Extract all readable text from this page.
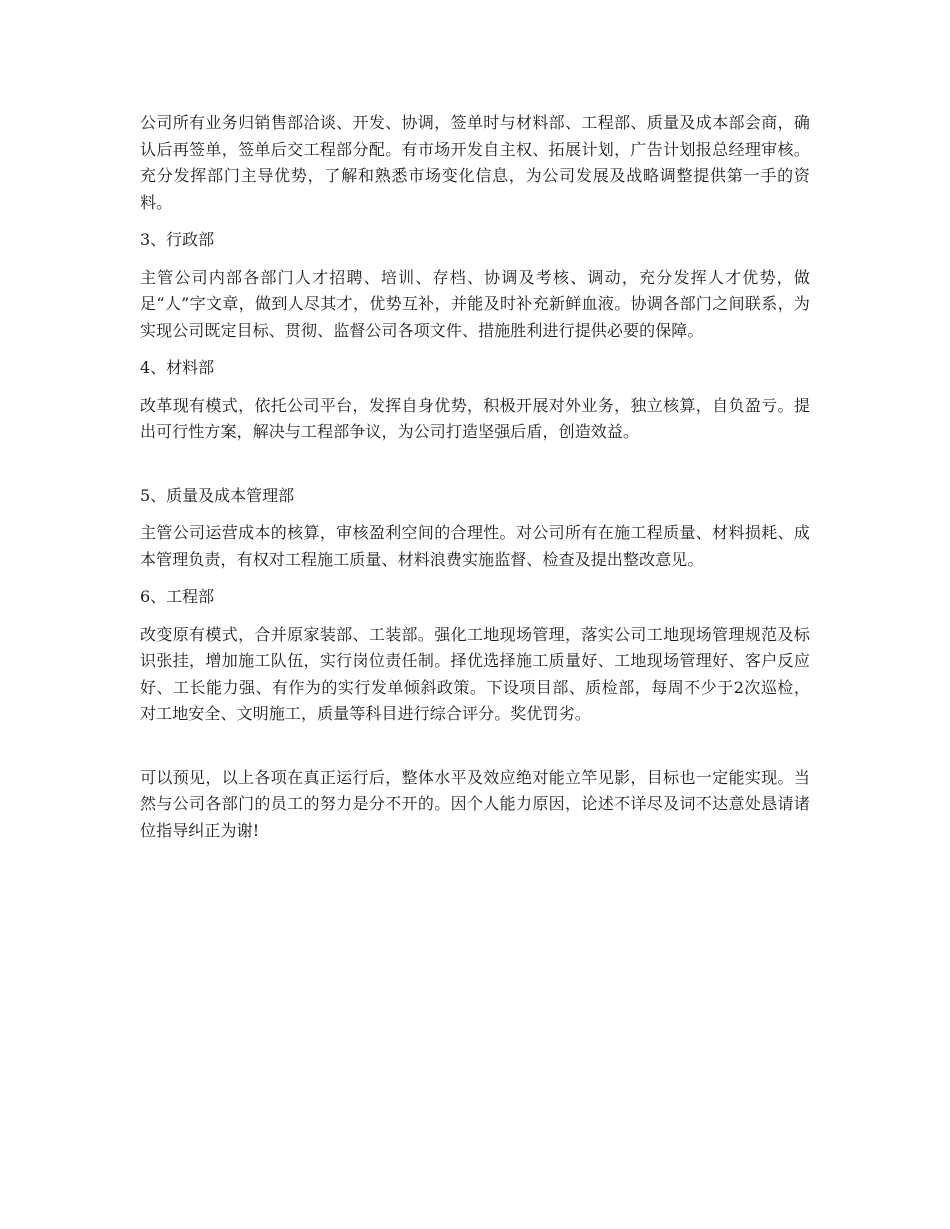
公司所有业务归销售部洽谈、开发、协调，签单时与材料部、工程部、质量及成本部会商，确认后再签单，签单后交工程部分配。有市场开发自主权、拓展计划，广告计划报总经理审核。充分发挥部门主导优势，了解和熟悉市场变化信息，为公司发展及战略调整提供第一手的资料。

3、行政部

主管公司内部各部门人才招聘、培训、存档、协调及考核、调动，充分发挥人才优势，做足“人”字文章，做到人尽其才，优势互补，并能及时补充新鲜血液。协调各部门之间联系，为实现公司既定目标、贯彻、监督公司各项文件、措施胜利进行提供必要的保障。

4、材料部

改革现有模式，依托公司平台，发挥自身优势，积极开展对外业务，独立核算，自负盈亏。提出可行性方案，解决与工程部争议，为公司打造坚强后盾，创造效益。

5、质量及成本管理部

主管公司运营成本的核算，审核盈利空间的合理性。对公司所有在施工程质量、材料损耗、成本管理负责，有权对工程施工质量、材料浪费实施监督、检查及提出整改意见。

6、工程部

改变原有模式，合并原家装部、工装部。强化工地现场管理，落实公司工地现场管理规范及标识张挂，增加施工队伍，实行岗位责任制。择优选择施工质量好、工地现场管理好、客户反应好、工长能力强、有作为的实行发单倾斜政策。下设项目部、质检部，每周不少于2次巡检，对工地安全、文明施工，质量等科目进行综合评分。奖优罚劣。

可以预见，以上各项在真正运行后，整体水平及效应绝对能立竿见影，目标也一定能实现。当然与公司各部门的员工的努力是分不开的。因个人能力原因，论述不详尽及词不达意处恳请诸位指导纠正为谢!
